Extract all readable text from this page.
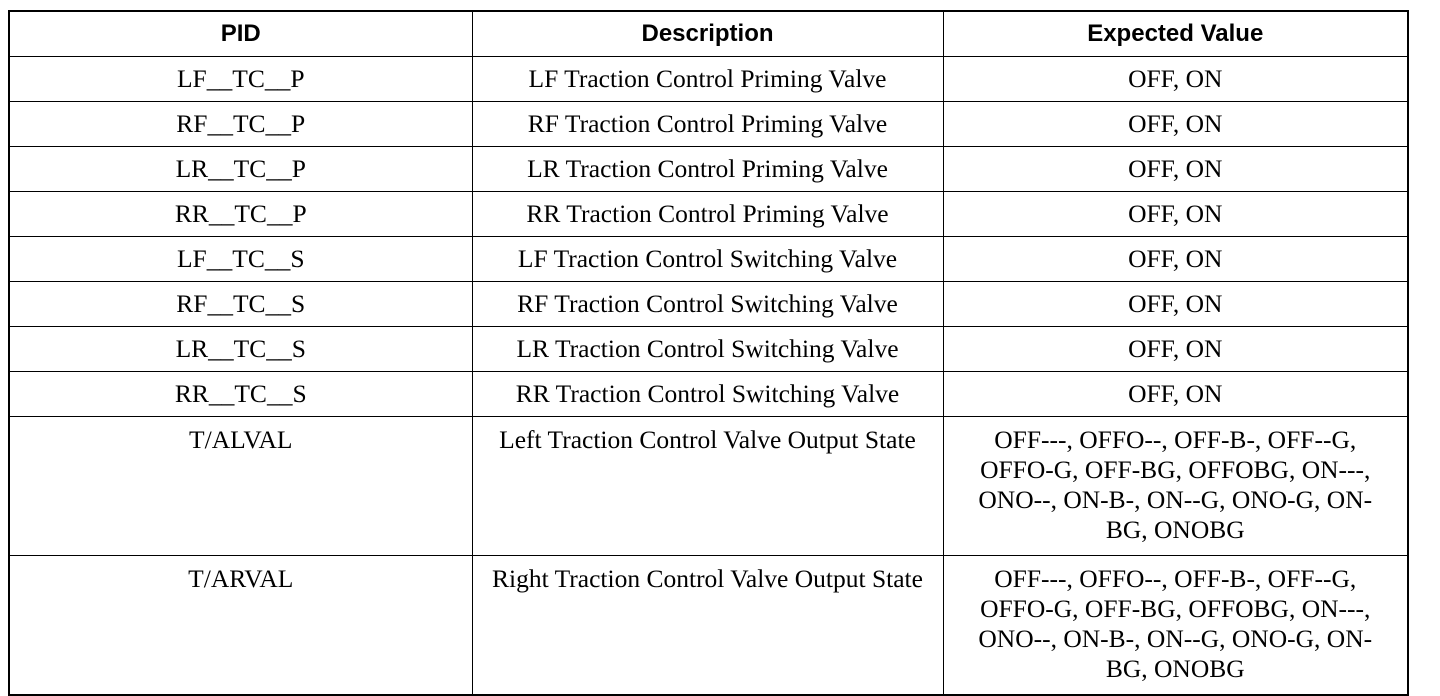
PID	Description	Expected Value
LF__TC__P	LF Traction Control Priming Valve	OFF, ON
RF__TC__P	RF Traction Control Priming Valve	OFF, ON
LR__TC__P	LR Traction Control Priming Valve	OFF, ON
RR__TC__P	RR Traction Control Priming Valve	OFF, ON
LF__TC__S	LF Traction Control Switching Valve	OFF, ON
RF__TC__S	RF Traction Control Switching Valve	OFF, ON
LR__TC__S	LR Traction Control Switching Valve	OFF, ON
RR__TC__S	RR Traction Control Switching Valve	OFF, ON
T/ALVAL	Left Traction Control Valve Output State	OFF---, OFFO--, OFF-B-, OFF--G, OFFO-G, OFF-BG, OFFOBG, ON---, ONO--, ON-B-, ON--G, ONO-G, ON-BG, ONOBG
T/ARVAL	Right Traction Control Valve Output State	OFF---, OFFO--, OFF-B-, OFF--G, OFFO-G, OFF-BG, OFFOBG, ON---, ONO--, ON-B-, ON--G, ONO-G, ON-BG, ONOBG
